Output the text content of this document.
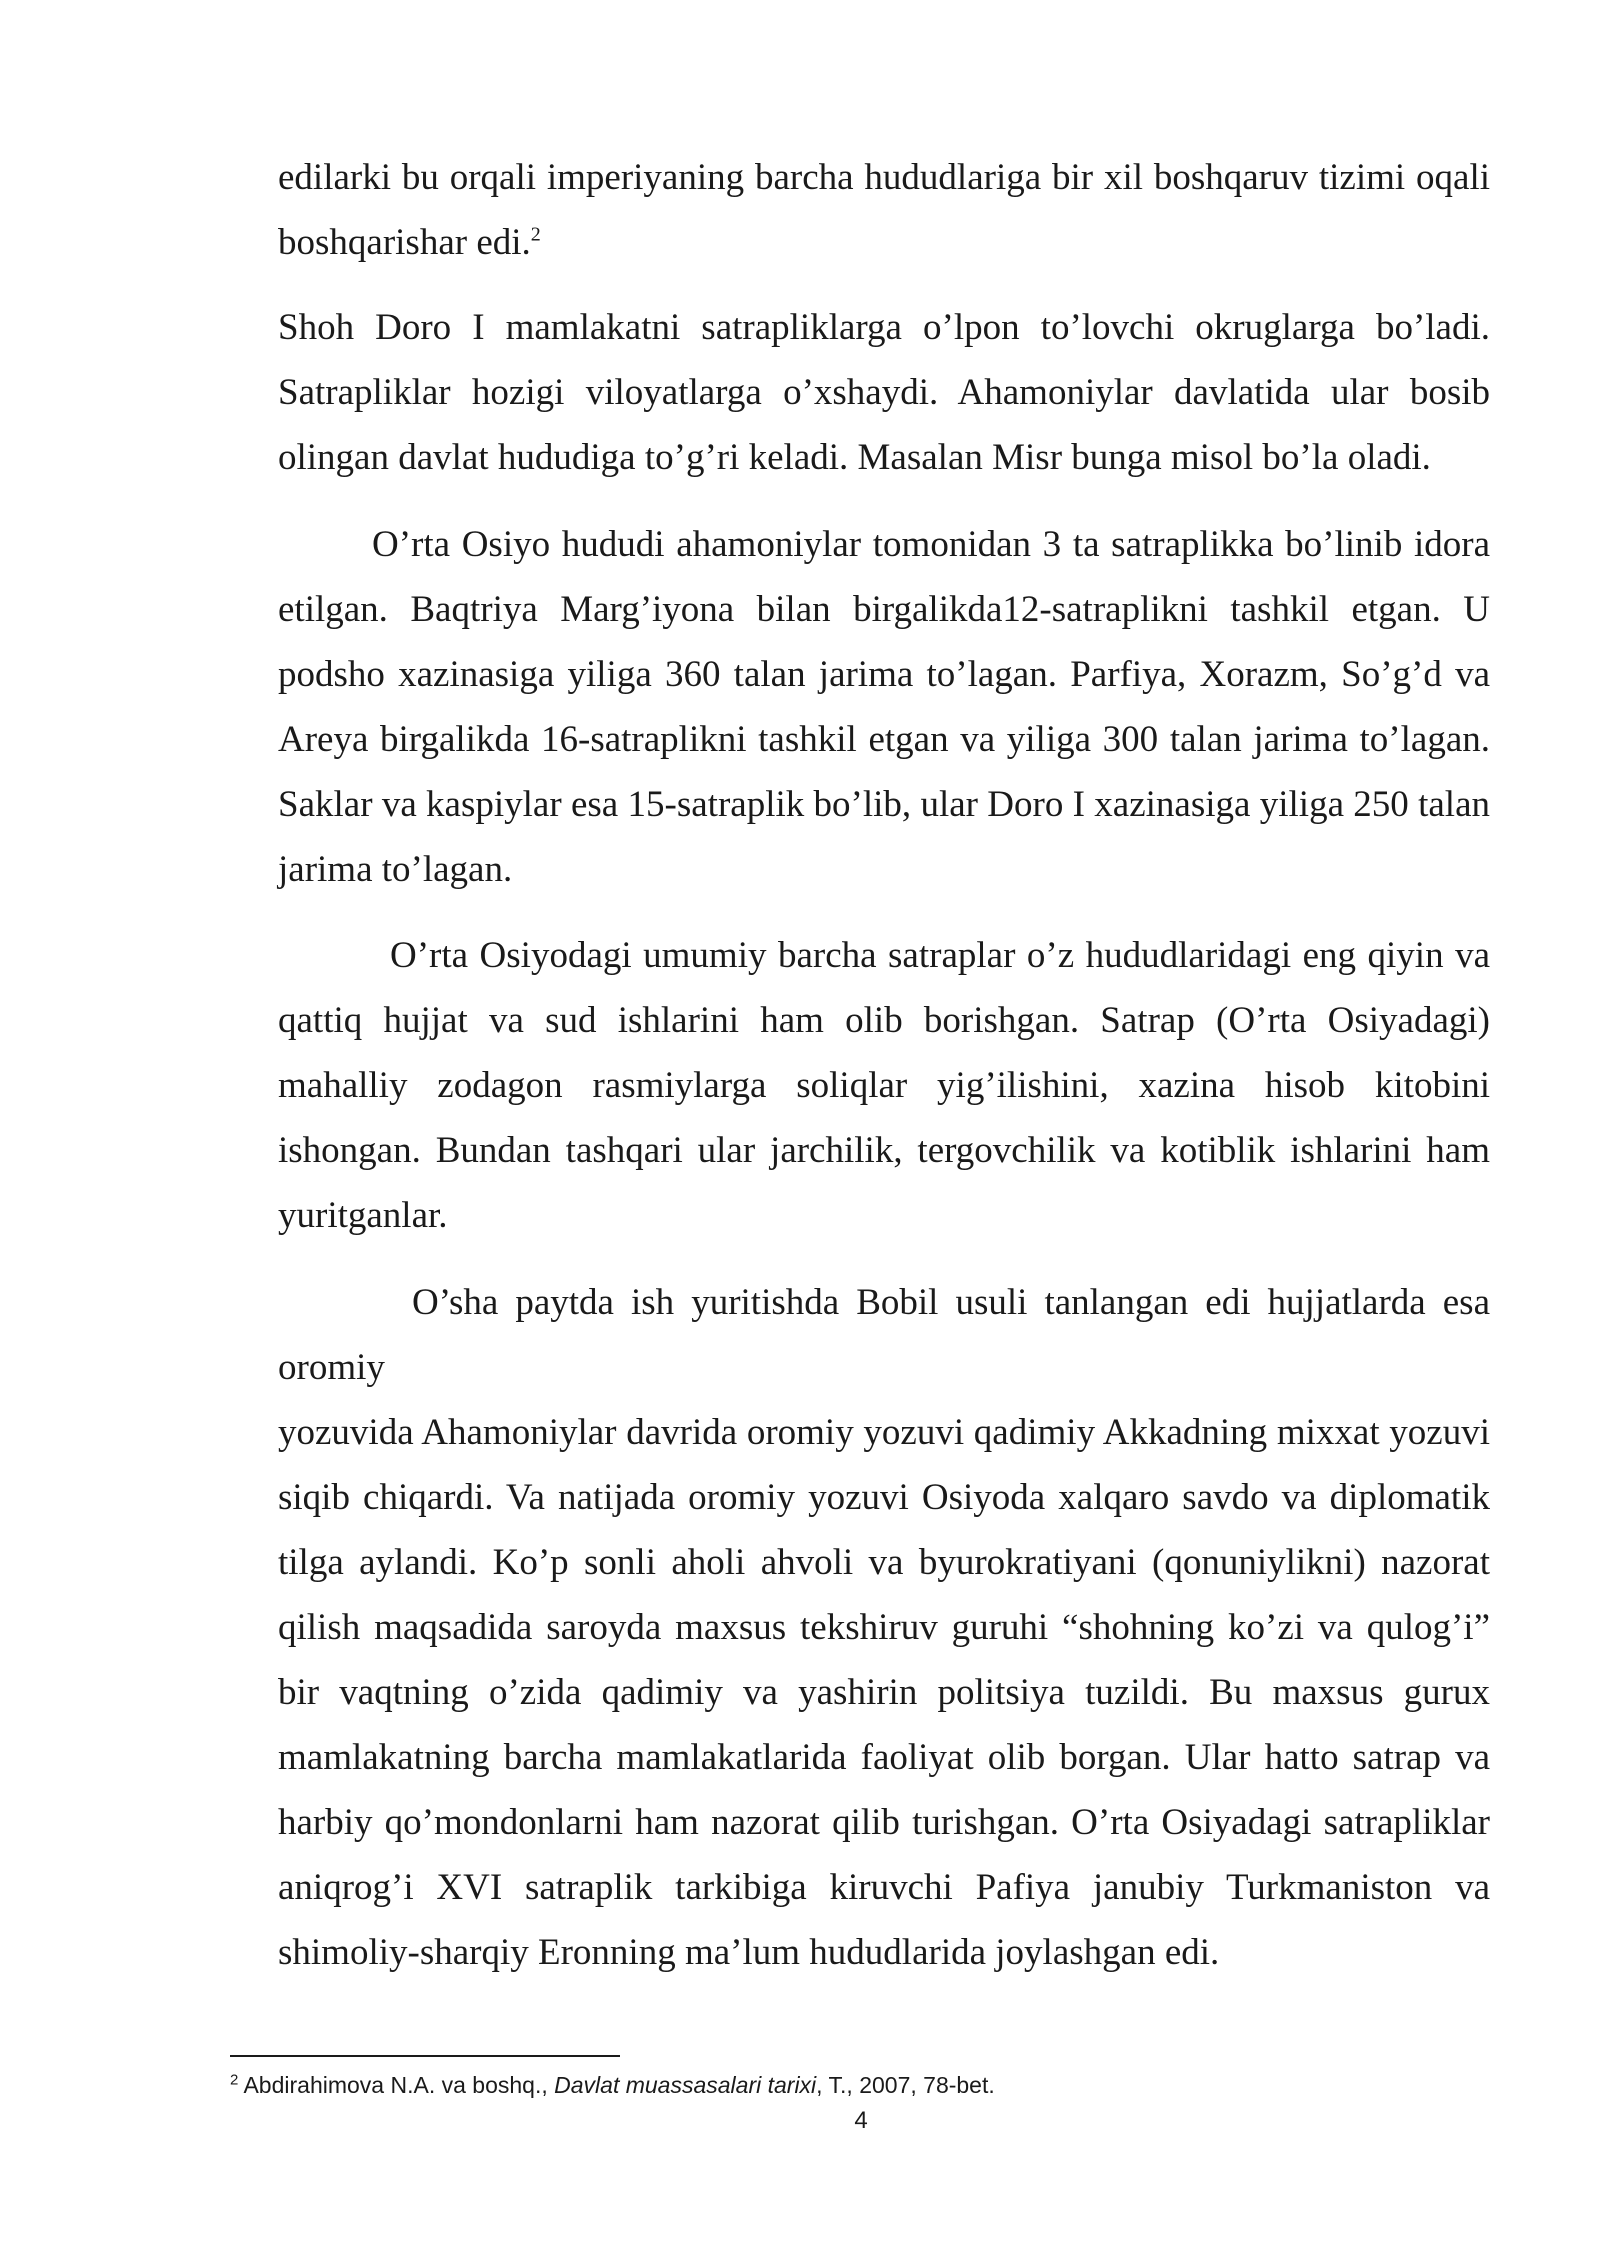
edilarki bu orqali imperiyaning barcha hududlariga bir xil boshqaruv tizimi oqali boshqarishar edi.$^2$

Shoh Doro I mamlakatni satrapliklarga o’lpon to’lovchi okruglarga bo’ladi. Satrapliklar hozigi viloyatlarga o’xshaydi. Ahamoniylar davlatida ular bosib olingan davlat hududiga to’g’ri keladi. Masalan Misr bunga misol bo’la oladi.

O’rta Osiyo hududi ahamoniylar tomonidan 3 ta satraplikka bo’linib idora etilgan. Baqtriya Marg’iyona bilan birgalikda12-satraplikni tashkil etgan. U podsho xazinasiga yiliga 360 talan jarima to’lagan. Parfiya, Xorazm, So’g’d va Areya birgalikda 16-satraplikni tashkil etgan va yiliga 300 talan jarima to’lagan. Saklar va kaspiylar esa 15-satraplik bo’lib, ular Doro I xazinasiga yiliga 250 talan jarima to’lagan.

O’rta Osiyodagi umumiy barcha satraplar o’z hududlaridagi eng qiyin va qattiq hujjat va sud ishlarini ham olib borishgan. Satrap (O’rta Osiyadagi) mahalliy zodagon rasmiylarga soliqlar yig’ilishini, xazina hisob kitobini ishongan. Bundan tashqari ular jarchilik, tergovchilik va kotiblik ishlarini ham yuritganlar.

O’sha paytda ish yuritishda Bobil usuli tanlangan edi hujjatlarda esa oromiy

yozuvida Ahamoniylar davrida oromiy yozuvi qadimiy Akkadning mixxat yozuvi siqib chiqardi. Va natijada oromiy yozuvi Osiyoda xalqaro savdo va diplomatik tilga aylandi. Ko’p sonli aholi ahvoli va byurokratiyani (qonuniylikni) nazorat qilish maqsadida saroyda maxsus tekshiruv guruhi “shohning ko’zi va qulog’i” bir vaqtning o’zida qadimiy va yashirin politsiya tuzildi. Bu maxsus gurux mamlakatning barcha mamlakatlarida faoliyat olib borgan. Ular hatto satrap va harbiy qo’mondonlarni ham nazorat qilib turishgan. O’rta Osiyadagi satrapliklar aniqrog’i XVI satraplik tarkibiga kiruvchi Pafiya janubiy Turkmaniston va shimoliy-sharqiy Eronning ma’lum hududlarida joylashgan edi.

$^2$ Abdirahimova N.A. va boshq., Davlat muassasalari tarixi, T., 2007, 78-bet.
4
